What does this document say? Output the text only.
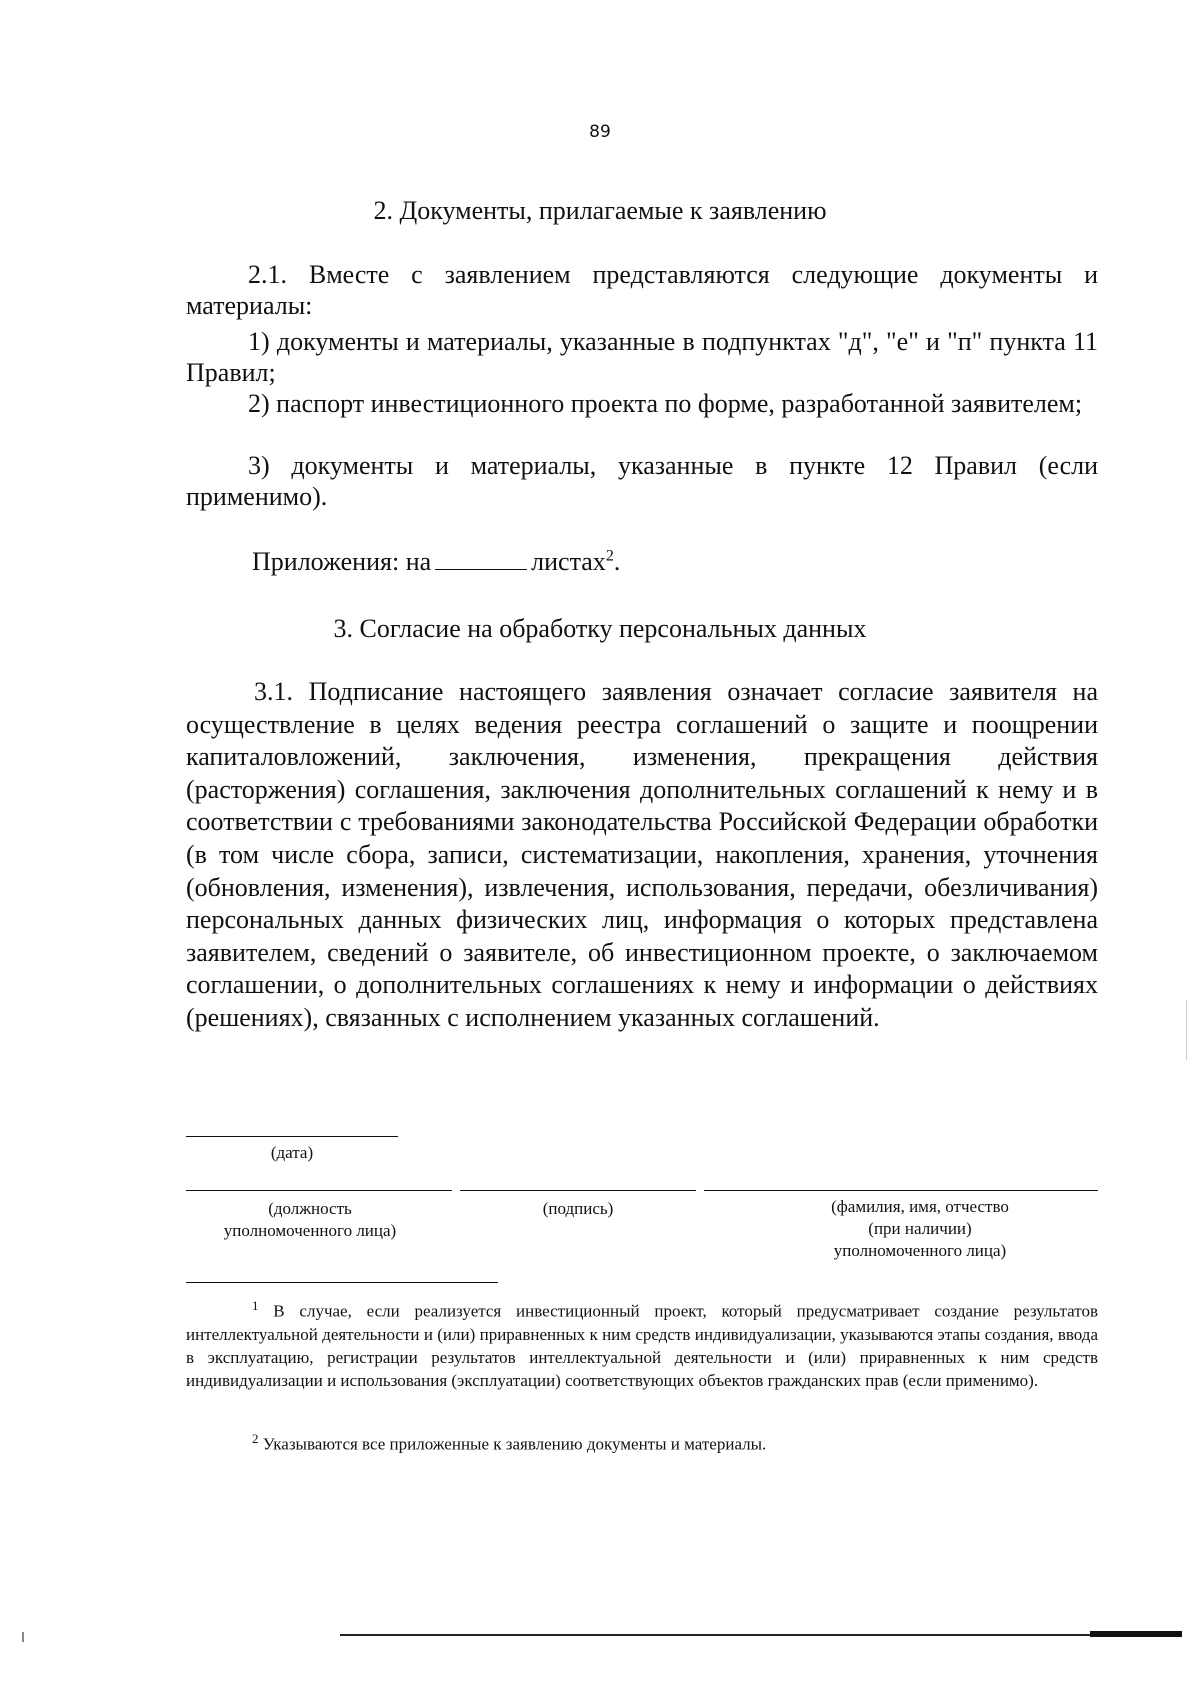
89
2. Документы, прилагаемые к заявлению

2.1. Вместе с заявлением представляются следующие документы и материалы:

1) документы и материалы, указанные в подпунктах "д", "е" и "п" пункта 11 Правил;

2) паспорт инвестиционного проекта по форме, разработанной заявителем;

3) документы и материалы, указанные в пункте 12 Правил (если применимо).

Приложения: на	листах$^2$.
3. Согласие на обработку персональных данных

3.1. Подписание настоящего заявления означает согласие заявителя на осуществление в целях ведения реестра соглашений о защите и поощрении капиталовложений, заключения, изменения, прекращения действия (расторжения) соглашения, заключения дополнительных соглашений к нему и в соответствии с требованиями законодательства Российской Федерации обработки (в том числе сбора, записи, систематизации, накопления, хранения, уточнения (обновления, изменения), извлечения, использования, передачи, обезличивания) персональных данных физических лиц, информация о которых представлена заявителем, сведений о заявителе, об инвестиционном проекте, о заключаемом соглашении, о дополнительных соглашениях к нему и информации о действиях (решениях), связанных с исполнением указанных соглашений.

(дата)
(должность
уполномоченного лица)
(подпись)	(фамилия, имя, отчество
(при наличии)
уполномоченного лица)

$^1$ В случае, если реализуется инвестиционный проект, который предусматривает создание результатов интеллектуальной деятельности и (или) приравненных к ним средств индивидуализации, указываются этапы создания, ввода в эксплуатацию, регистрации результатов интеллектуальной деятельности и (или) приравненных к ним средств индивидуализации и использования (эксплуатации) соответствующих объектов гражданских прав (если применимо).

$^2$ Указываются все приложенные к заявлению документы и материалы.
